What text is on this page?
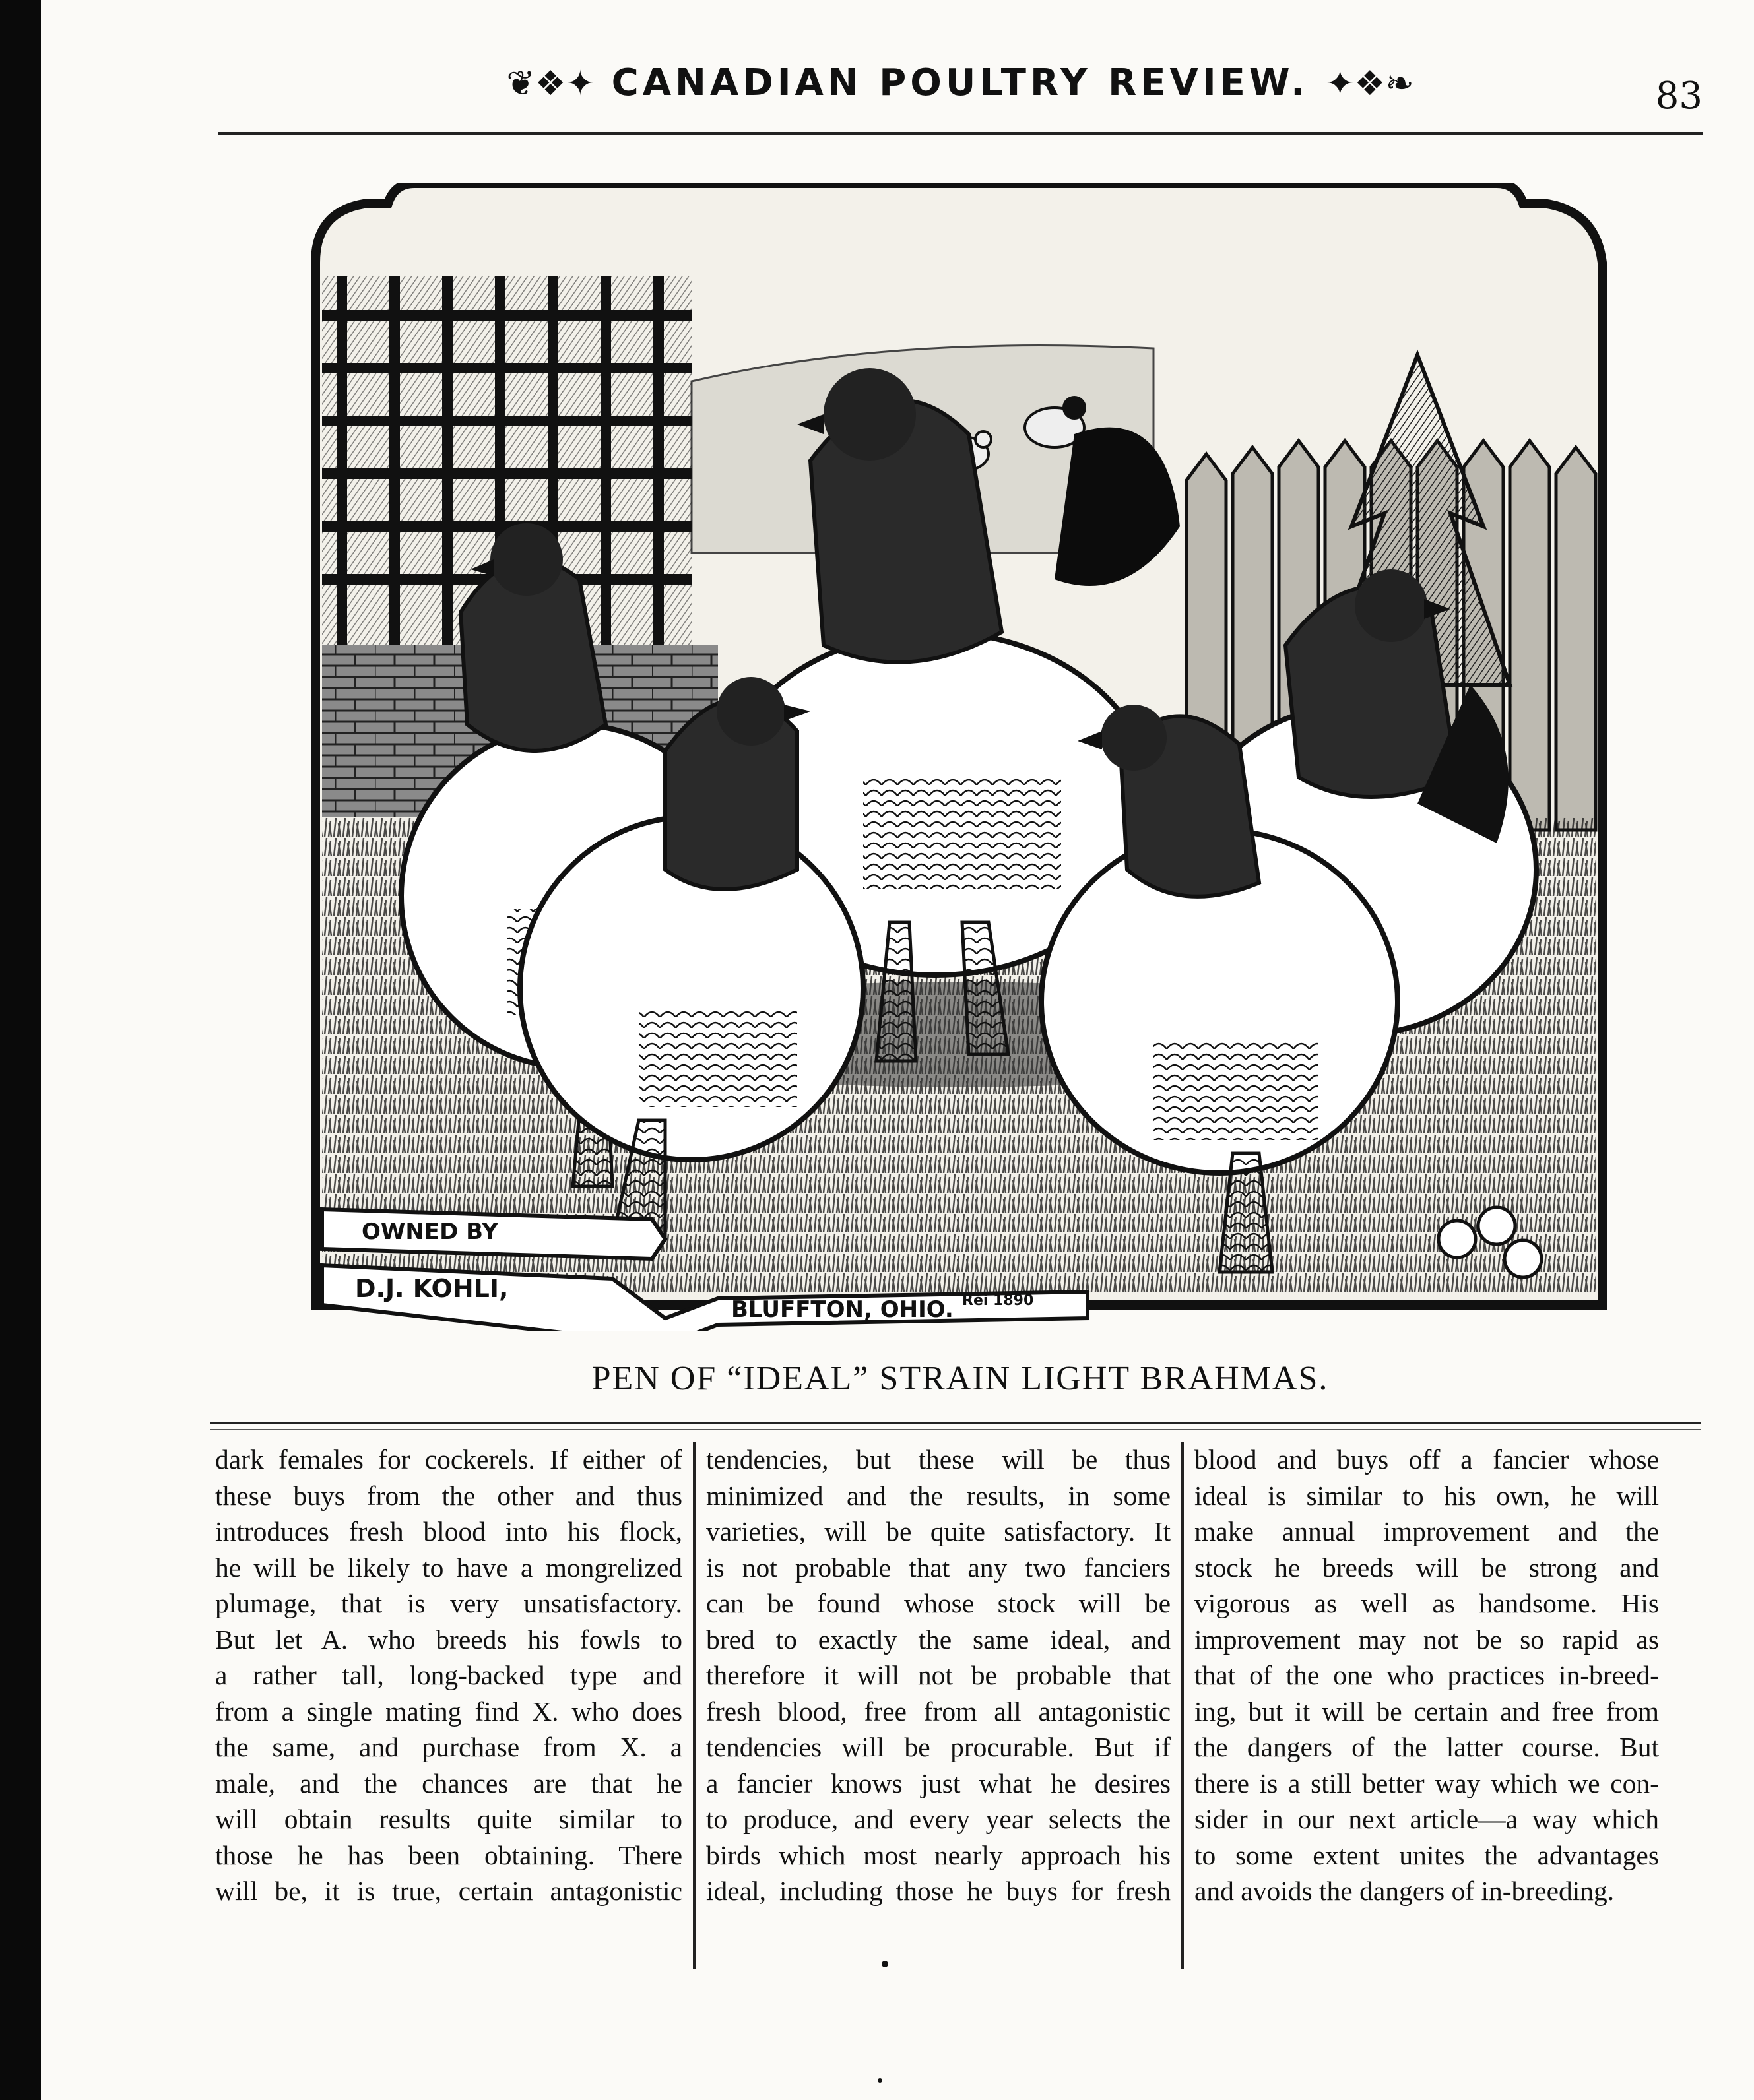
❦❖✦ CANADIAN POULTRY REVIEW. ✦❖❧	83
OWNED BY
D.J. KOHLI,
BLUFFTON, OHIO. Rei 1890
PEN OF “IDEAL” STRAIN LIGHT BRAHMAS.
dark females for cockerels. If either of
these buys from the other and thus
introduces fresh blood into his flock,
he will be likely to have a mongrelized
plumage, that is very unsatisfactory.
But let A. who breeds his fowls to
a rather tall, long-backed type and
from a single mating find X. who does
the same, and purchase from X. a
male, and the chances are that he
will obtain results quite similar to
those he has been obtaining. There
will be, it is true, certain antagonistic
tendencies, but these will be thus
minimized and the results, in some
varieties, will be quite satisfactory. It
is not probable that any two fanciers
can be found whose stock will be
bred to exactly the same ideal, and
therefore it will not be probable that
fresh blood, free from all antagonistic
tendencies will be procurable. But if
a fancier knows just what he desires
to produce, and every year selects the
birds which most nearly approach his
ideal, including those he buys for fresh
blood and buys off a fancier whose
ideal is similar to his own, he will
make annual improvement and the
stock he breeds will be strong and
vigorous as well as handsome. His
improvement may not be so rapid as
that of the one who practices in-breed-
ing, but it will be certain and free from
the dangers of the latter course. But
there is a still better way which we con-
sider in our next article—a way which
to some extent unites the advantages
and avoids the dangers of in-breeding.
